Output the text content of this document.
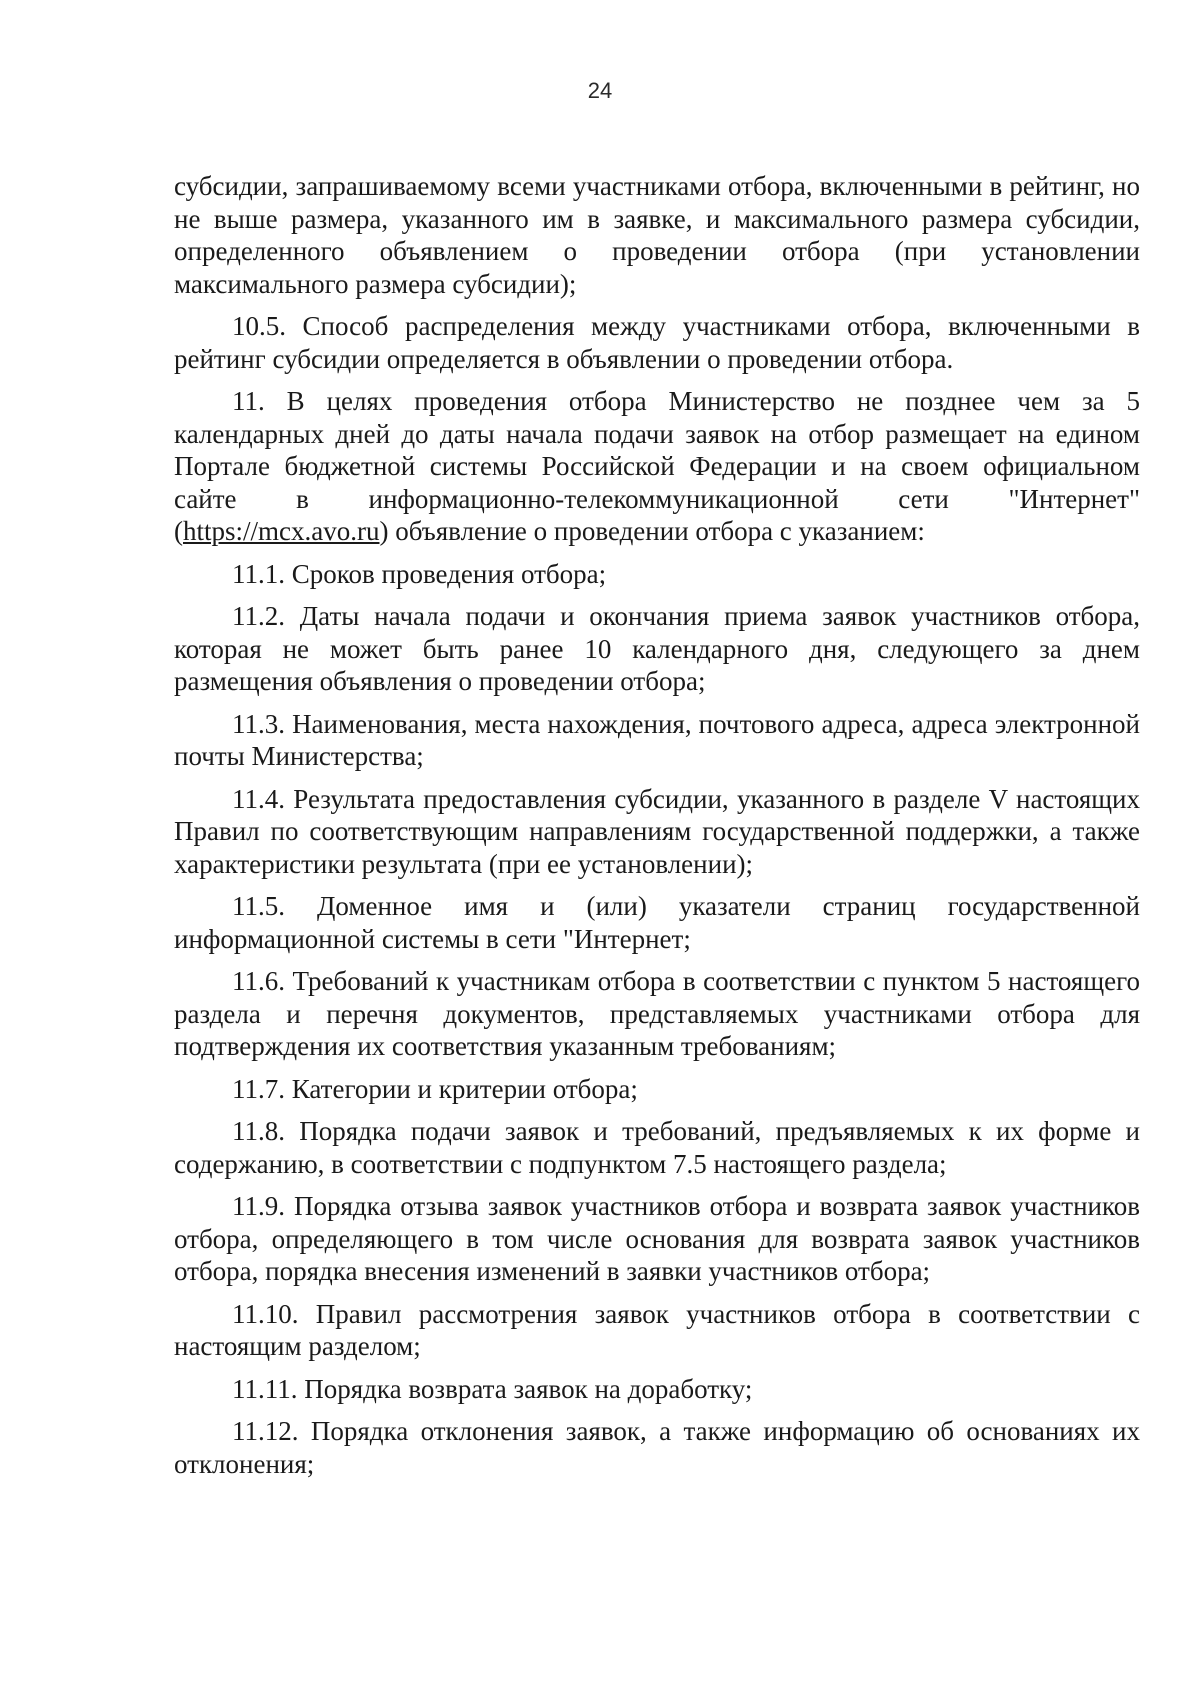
24

субсидии, запрашиваемому всеми участниками отбора, включенными в рейтинг, но не выше размера, указанного им в заявке, и максимального размера субсидии, определенного объявлением о проведении отбора (при установлении максимального размера субсидии);

10.5. Способ распределения между участниками отбора, включенными в рейтинг субсидии определяется в объявлении о проведении отбора.

11. В целях проведения отбора Министерство не позднее чем за 5 календарных дней до даты начала подачи заявок на отбор размещает на едином Портале бюджетной системы Российской Федерации и на своем официальном сайте в информационно-телекоммуникационной сети "Интернет" (https://mcx.avo.ru) объявление о проведении отбора с указанием:

11.1. Сроков проведения отбора;

11.2. Даты начала подачи и окончания приема заявок участников отбора, которая не может быть ранее 10 календарного дня, следующего за днем размещения объявления о проведении отбора;

11.3. Наименования, места нахождения, почтового адреса, адреса электронной почты Министерства;

11.4. Результата предоставления субсидии, указанного в разделе V настоящих Правил по соответствующим направлениям государственной поддержки, а также характеристики результата (при ее установлении);

11.5. Доменное имя и (или) указатели страниц государственной информационной системы в сети "Интернет;

11.6. Требований к участникам отбора в соответствии с пунктом 5 настоящего раздела и перечня документов, представляемых участниками отбора для подтверждения их соответствия указанным требованиям;

11.7. Категории и критерии отбора;

11.8. Порядка подачи заявок и требований, предъявляемых к их форме и содержанию, в соответствии с подпунктом 7.5 настоящего раздела;

11.9. Порядка отзыва заявок участников отбора и возврата заявок участников отбора, определяющего в том числе основания для возврата заявок участников отбора, порядка внесения изменений в заявки участников отбора;

11.10. Правил рассмотрения заявок участников отбора в соответствии с настоящим разделом;

11.11. Порядка возврата заявок на доработку;

11.12. Порядка отклонения заявок, а также информацию об основаниях их отклонения;
